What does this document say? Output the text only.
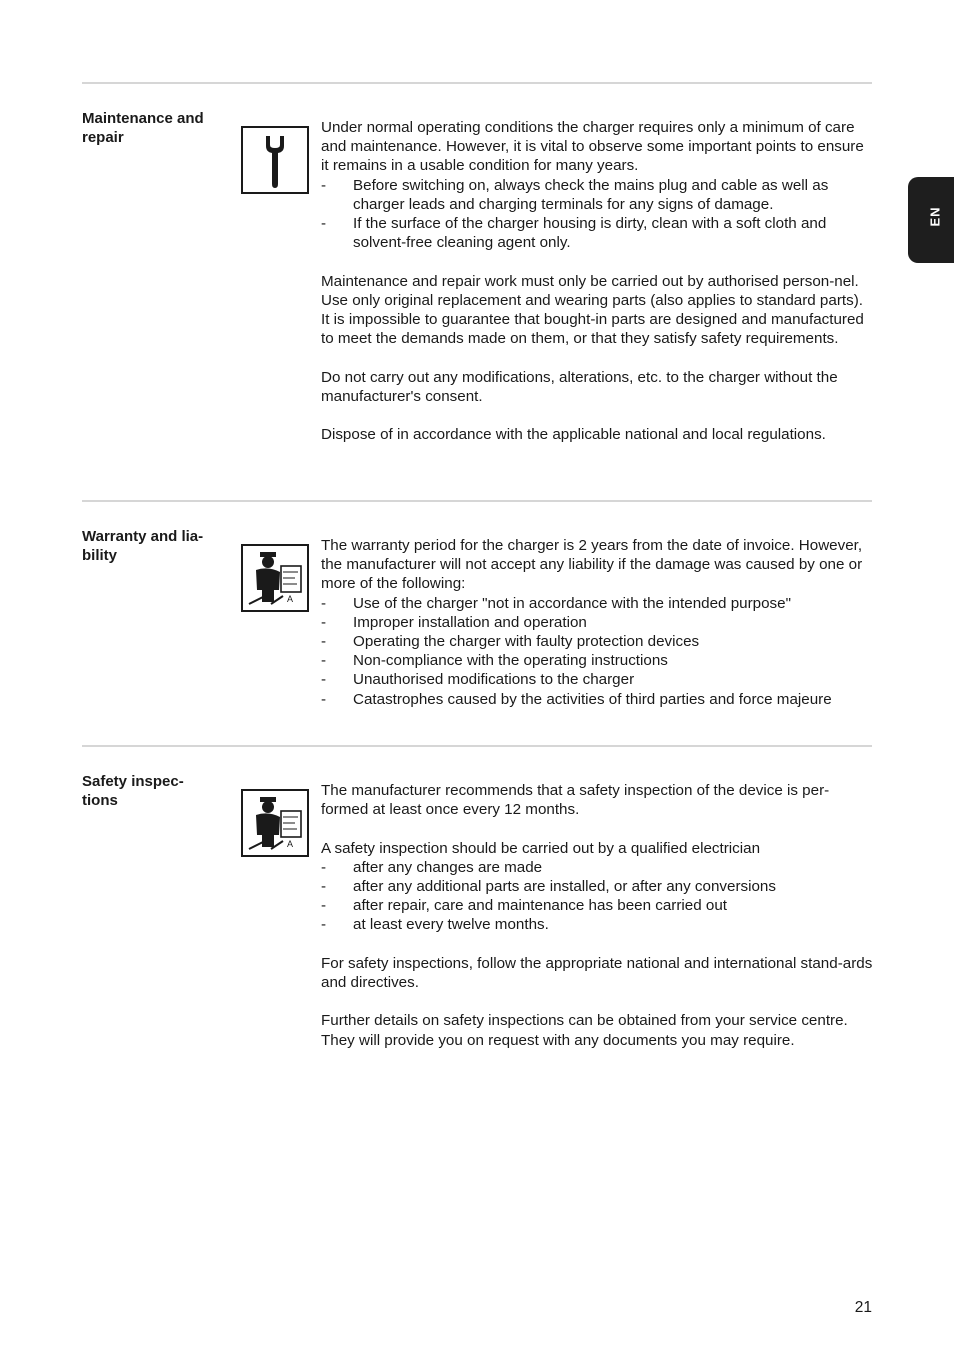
EN
Maintenance and
repair

Under normal operating conditions the charger requires only a minimum of care and maintenance. However, it is vital to observe some important points to ensure it remains in a usable condition for many years.

- Before switching on, always check the mains plug and cable as well as charger leads and charging terminals for any signs of damage.
- If the surface of the charger housing is dirty, clean with a soft cloth and solvent-free cleaning agent only.

Maintenance and repair work must only be carried out by authorised person-nel. Use only original replacement and wearing parts (also applies to standard parts). It is impossible to guarantee that bought-in parts are designed and manufactured to meet the demands made on them, or that they satisfy safety requirements.

Do not carry out any modifications, alterations, etc. to the charger without the manufacturer's consent.

Dispose of in accordance with the applicable national and local regulations.

Warranty and lia-
bility
A

The warranty period for the charger is 2 years from the date of invoice. However, the manufacturer will not accept any liability if the damage was caused by one or more of the following:

- Use of the charger "not in accordance with the intended purpose"
- Improper installation and operation
- Operating the charger with faulty protection devices
- Non-compliance with the operating instructions
- Unauthorised modifications to the charger
- Catastrophes caused by the activities of third parties and force majeure
Safety inspec-
tions
A

The manufacturer recommends that a safety inspection of the device is per-formed at least once every 12 months.

A safety inspection should be carried out by a qualified electrician

- after any changes are made
- after any additional parts are installed, or after any conversions
- after repair, care and maintenance has been carried out
- at least every twelve months.

For safety inspections, follow the appropriate national and international stand-ards and directives.

Further details on safety inspections can be obtained from your service centre. They will provide you on request with any documents you may require.

21
